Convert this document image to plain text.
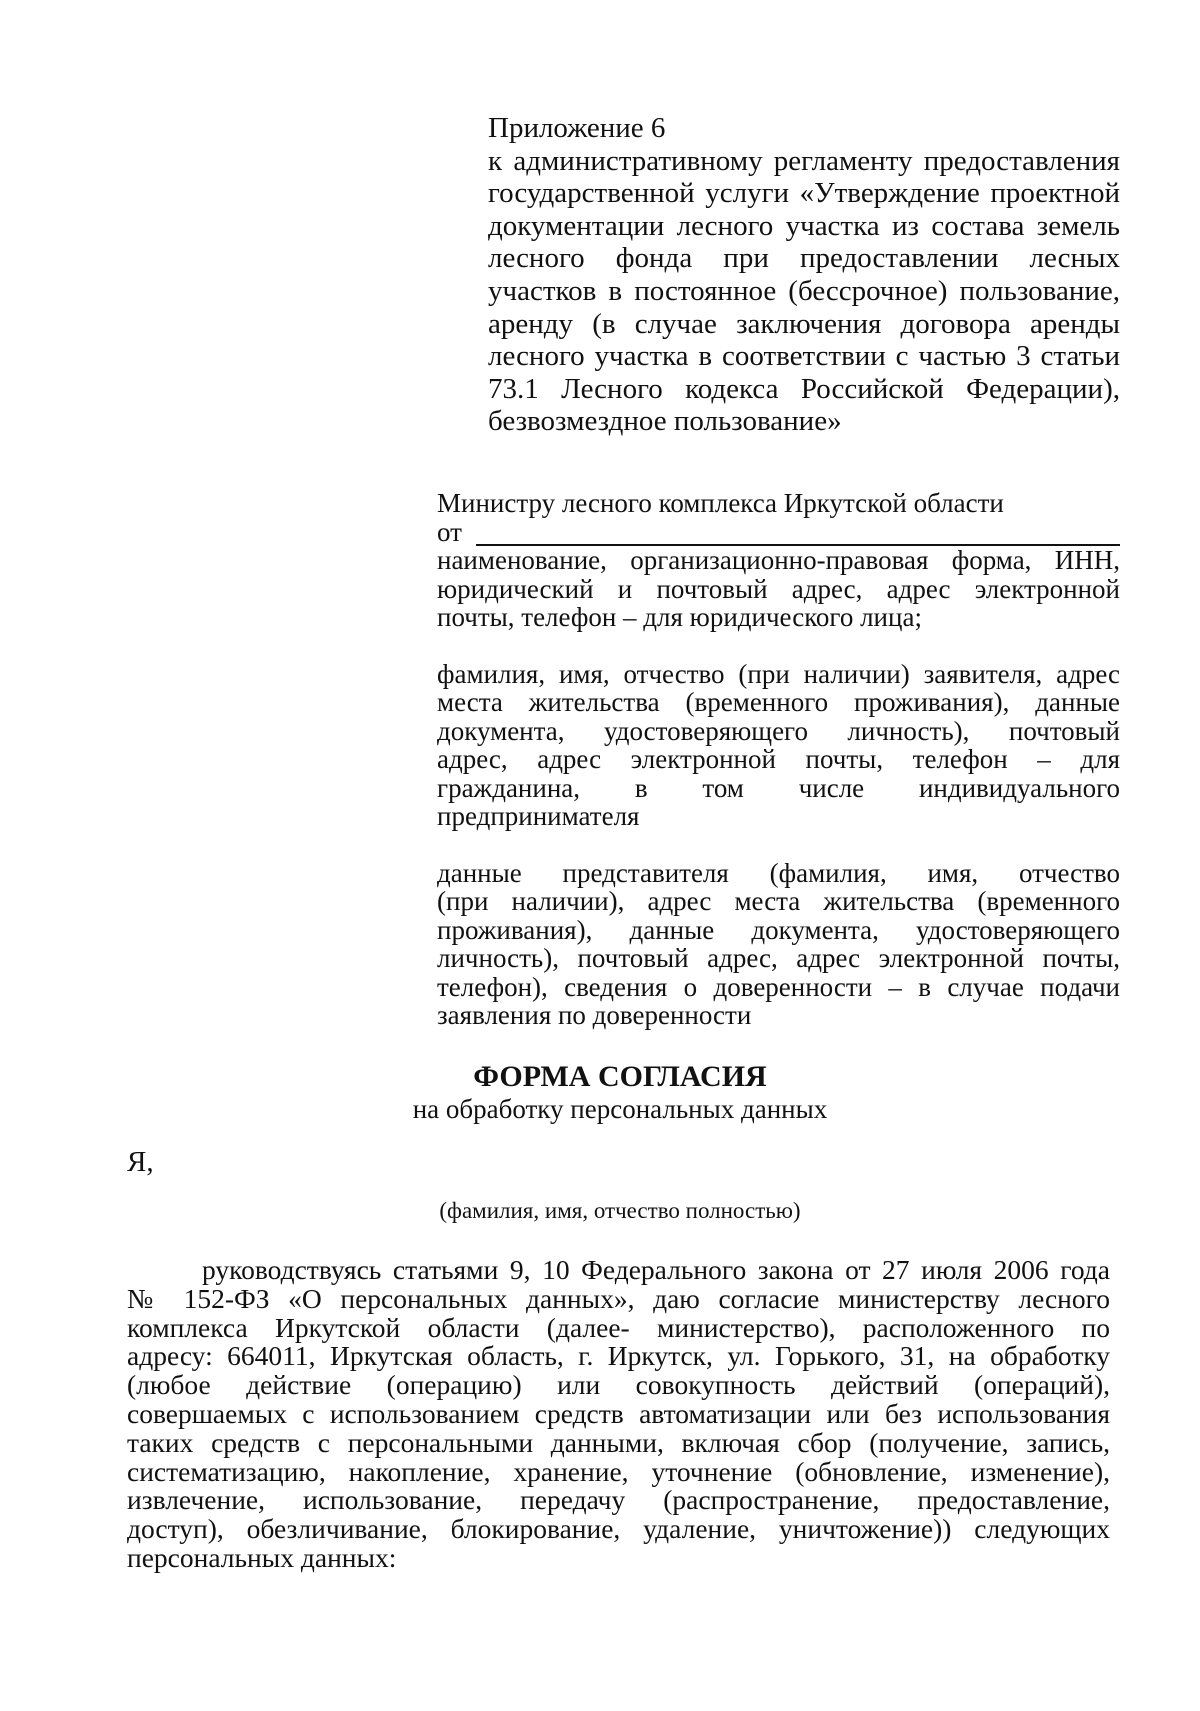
Приложение 6
к административному регламенту предоставления
государственной услуги «Утверждение проектной
документации лесного участка из состава земель
лесного фонда при предоставлении лесных
участков в постоянное (бессрочное) пользование,
аренду (в случае заключения договора аренды
лесного участка в соответствии с частью 3 статьи
73.1 Лесного кодекса Российской Федерации),
безвозмездное пользование»
Министру лесного комплекса Иркутской области
от
наименование, организационно-правовая форма, ИНН,
юридический и почтовый адрес, адрес электронной
почты, телефон – для юридического лица;
фамилия, имя, отчество (при наличии) заявителя, адрес
места жительства (временного проживания), данные
документа, удостоверяющего личность), почтовый
адрес, адрес электронной почты, телефон – для
гражданина, в том числе индивидуального
предпринимателя
данные представителя (фамилия, имя, отчество
(при наличии), адрес места жительства (временного
проживания), данные документа, удостоверяющего
личность), почтовый адрес, адрес электронной почты,
телефон), сведения о доверенности – в случае подачи
заявления по доверенности
ФОРМА СОГЛАСИЯ
на обработку персональных данных
Я,
(фамилия, имя, отчество полностью)
руководствуясь статьями 9, 10 Федерального закона от 27 июля 2006 года
№ 152-ФЗ «О персональных данных», даю согласие министерству лесного
комплекса Иркутской области (далее- министерство), расположенного по
адресу: 664011, Иркутская область, г. Иркутск, ул. Горького, 31, на обработку
(любое действие (операцию) или совокупность действий (операций),
совершаемых с использованием средств автоматизации или без использования
таких средств с персональными данными, включая сбор (получение, запись,
систематизацию, накопление, хранение, уточнение (обновление, изменение),
извлечение, использование, передачу (распространение, предоставление,
доступ), обезличивание, блокирование, удаление, уничтожение)) следующих
персональных данных:
